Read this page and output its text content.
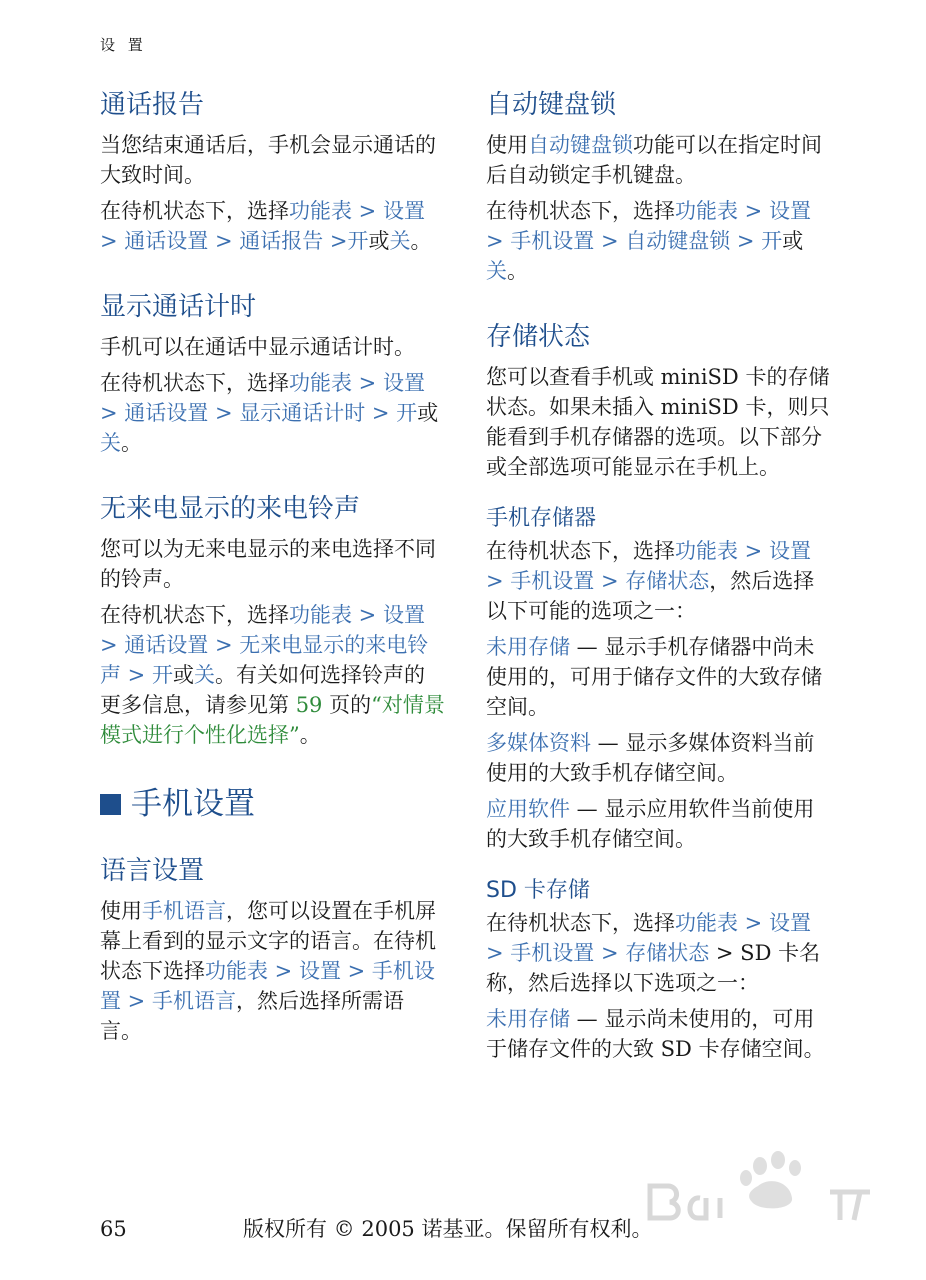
设 置
通话报告

当您结束通话后，手机会显示通话的大致时间。

在待机状态下，选择功能表 > 设置 > 通话设置 > 通话报告 >开或关。

显示通话计时

手机可以在通话中显示通话计时。

在待机状态下，选择功能表 > 设置 > 通话设置 > 显示通话计时 > 开或关。

无来电显示的来电铃声

您可以为无来电显示的来电选择不同的铃声。

在待机状态下，选择功能表 > 设置 > 通话设置 > 无来电显示的来电铃声 > 开或关。有关如何选择铃声的更多信息，请参见第 59 页的“对情景模式进行个性化选择”。

手机设置
语言设置

使用手机语言，您可以设置在手机屏幕上看到的显示文字的语言。在待机状态下选择功能表 > 设置 > 手机设置 > 手机语言，然后选择所需语言。

自动键盘锁

使用自动键盘锁功能可以在指定时间后自动锁定手机键盘。

在待机状态下，选择功能表 > 设置 > 手机设置 > 自动键盘锁 > 开或关。

存储状态

您可以查看手机或 miniSD 卡的存储状态。如果未插入 miniSD 卡，则只能看到手机存储器的选项。以下部分或全部选项可能显示在手机上。

手机存储器

在待机状态下，选择功能表 > 设置 > 手机设置 > 存储状态，然后选择以下可能的选项之一：

未用存储 — 显示手机存储器中尚未使用的，可用于储存文件的大致存储空间。

多媒体资料 — 显示多媒体资料当前使用的大致手机存储空间。

应用软件 — 显示应用软件当前使用的大致手机存储空间。

SD 卡存储

在待机状态下，选择功能表 > 设置 > 手机设置 > 存储状态 > SD 卡名称，然后选择以下选项之一：

未用存储 — 显示尚未使用的，可用于储存文件的大致 SD 卡存储空间。

65	版权所有 © 2005 诺基亚。保留所有权利。
